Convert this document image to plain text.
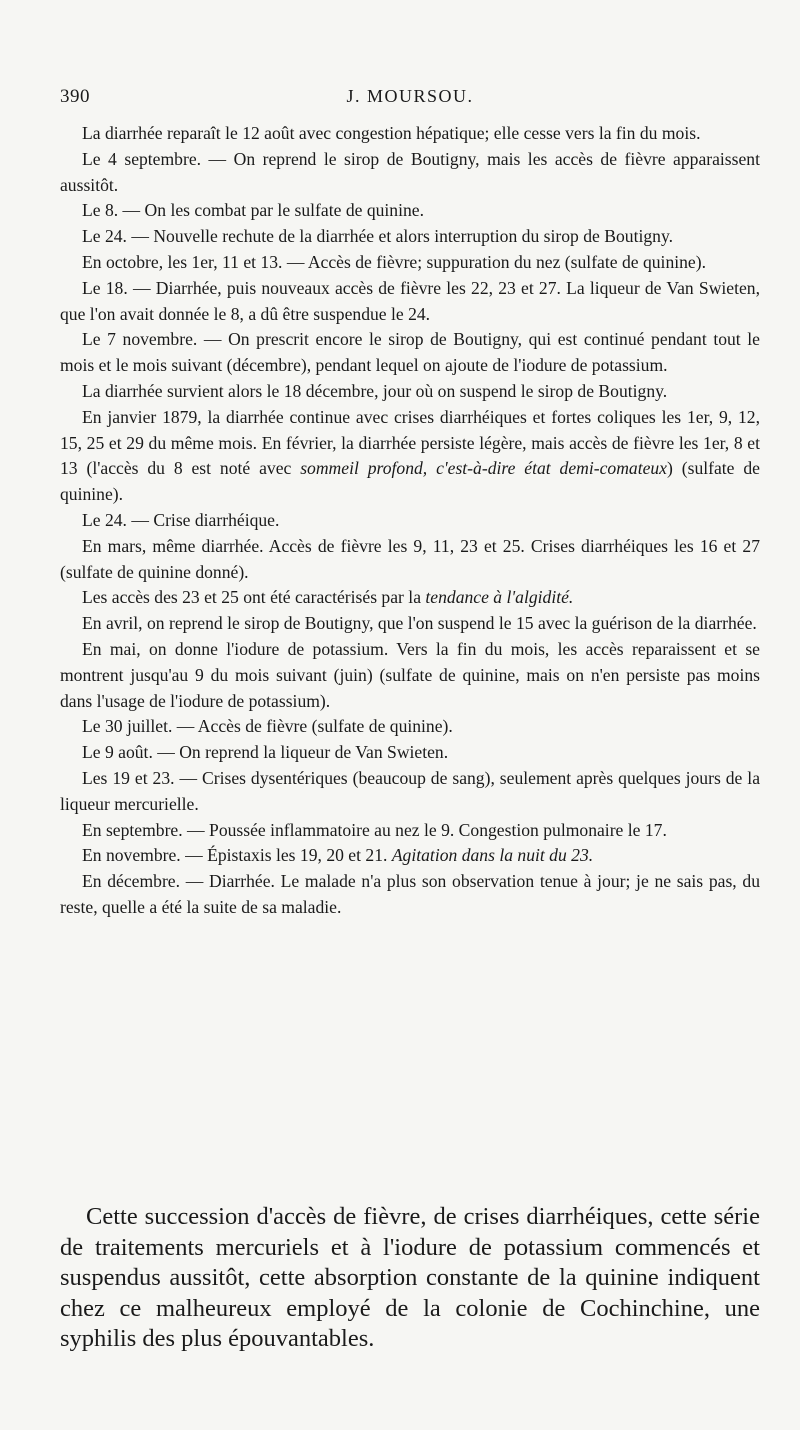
390	J. MOURSOU.

La diarrhée reparaît le 12 août avec congestion hépatique; elle cesse vers la fin du mois.

Le 4 septembre. — On reprend le sirop de Boutigny, mais les accès de fièvre apparaissent aussitôt.

Le 8. — On les combat par le sulfate de quinine.

Le 24. — Nouvelle rechute de la diarrhée et alors interruption du sirop de Boutigny.

En octobre, les 1er, 11 et 13. — Accès de fièvre; suppuration du nez (sulfate de quinine).

Le 18. — Diarrhée, puis nouveaux accès de fièvre les 22, 23 et 27. La liqueur de Van Swieten, que l'on avait donnée le 8, a dû être suspendue le 24.

Le 7 novembre. — On prescrit encore le sirop de Boutigny, qui est continué pendant tout le mois et le mois suivant (décembre), pendant lequel on ajoute de l'iodure de potassium.

La diarrhée survient alors le 18 décembre, jour où on suspend le sirop de Boutigny.

En janvier 1879, la diarrhée continue avec crises diarrhéiques et fortes coliques les 1er, 9, 12, 15, 25 et 29 du même mois. En février, la diarrhée persiste légère, mais accès de fièvre les 1er, 8 et 13 (l'accès du 8 est noté avec sommeil profond, c'est-à-dire état demi-comateux) (sulfate de quinine).

Le 24. — Crise diarrhéique.

En mars, même diarrhée. Accès de fièvre les 9, 11, 23 et 25. Crises diarrhéiques les 16 et 27 (sulfate de quinine donné).

Les accès des 23 et 25 ont été caractérisés par la tendance à l'algidité.

En avril, on reprend le sirop de Boutigny, que l'on suspend le 15 avec la guérison de la diarrhée.

En mai, on donne l'iodure de potassium. Vers la fin du mois, les accès reparaissent et se montrent jusqu'au 9 du mois suivant (juin) (sulfate de quinine, mais on n'en persiste pas moins dans l'usage de l'iodure de potassium).

Le 30 juillet. — Accès de fièvre (sulfate de quinine).

Le 9 août. — On reprend la liqueur de Van Swieten.

Les 19 et 23. — Crises dysentériques (beaucoup de sang), seulement après quelques jours de la liqueur mercurielle.

En septembre. — Poussée inflammatoire au nez le 9. Congestion pulmonaire le 17.

En novembre. — Épistaxis les 19, 20 et 21. Agitation dans la nuit du 23.

En décembre. — Diarrhée. Le malade n'a plus son observation tenue à jour; je ne sais pas, du reste, quelle a été la suite de sa maladie.

Cette succession d'accès de fièvre, de crises diarrhéiques, cette série de traitements mercuriels et à l'iodure de potassium commencés et suspendus aussitôt, cette absorption constante de la quinine indiquent chez ce malheureux employé de la colonie de Cochinchine, une syphilis des plus épouvantables.
